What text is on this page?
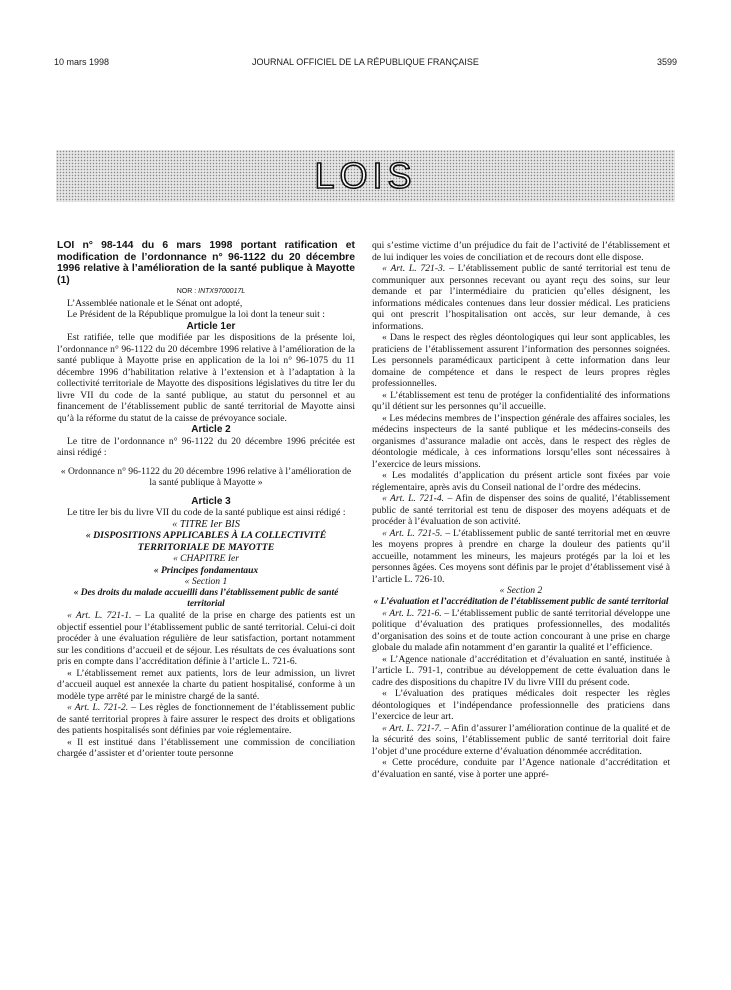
10 mars 1998	JOURNAL OFFICIEL DE LA RÉPUBLIQUE FRANÇAISE	3599
LOIS

LOI n° 98-144 du 6 mars 1998 portant ratification et modification de l’ordonnance n° 96-1122 du 20 décembre 1996 relative à l’amélioration de la santé publique à Mayotte (1)

NOR : INTX9700017L

L’Assemblée nationale et le Sénat ont adopté,

Le Président de la République promulgue la loi dont la teneur suit :

Article 1er

Est ratifiée, telle que modifiée par les dispositions de la présente loi, l’ordonnance n° 96-1122 du 20 décembre 1996 relative à l’amélioration de la santé publique à Mayotte prise en application de la loi n° 96-1075 du 11 décembre 1996 d’habilitation relative à l’extension et à l’adaptation à la collectivité territoriale de Mayotte des dispositions législatives du titre Ier du livre VII du code de la santé publique, au statut du personnel et au financement de l’établissement public de santé territorial de Mayotte ainsi qu’à la réforme du statut de la caisse de prévoyance sociale.

Article 2

Le titre de l’ordonnance n° 96-1122 du 20 décembre 1996 précitée est ainsi rédigé :

« Ordonnance n° 96-1122 du 20 décembre 1996 relative à l’amélioration de la santé publique à Mayotte »

Article 3

Le titre Ier bis du livre VII du code de la santé publique est ainsi rédigé :

« TITRE Ier BIS

« DISPOSITIONS APPLICABLES À LA COLLECTIVITÉ TERRITORIALE DE MAYOTTE

« CHAPITRE Ier

« Principes fondamentaux

« Section 1

« Des droits du malade accueilli dans l’établissement public de santé territorial

« Art. L. 721-1. – La qualité de la prise en charge des patients est un objectif essentiel pour l’établissement public de santé territorial. Celui-ci doit procéder à une évaluation régulière de leur satisfaction, portant notamment sur les conditions d’accueil et de séjour. Les résultats de ces évaluations sont pris en compte dans l’accréditation définie à l’article L. 721-6.

« L’établissement remet aux patients, lors de leur admission, un livret d’accueil auquel est annexée la charte du patient hospitalisé, conforme à un modèle type arrêté par le ministre chargé de la santé.

« Art. L. 721-2. – Les règles de fonctionnement de l’établissement public de santé territorial propres à faire assurer le respect des droits et obligations des patients hospitalisés sont définies par voie réglementaire.

« Il est institué dans l’établissement une commission de conciliation chargée d’assister et d’orienter toute personne

qui s’estime victime d’un préjudice du fait de l’activité de l’établissement et de lui indiquer les voies de conciliation et de recours dont elle dispose.

« Art. L. 721-3. – L’établissement public de santé territorial est tenu de communiquer aux personnes recevant ou ayant reçu des soins, sur leur demande et par l’intermédiaire du praticien qu’elles désignent, les informations médicales contenues dans leur dossier médical. Les praticiens qui ont prescrit l’hospitalisation ont accès, sur leur demande, à ces informations.

« Dans le respect des règles déontologiques qui leur sont applicables, les praticiens de l’établissement assurent l’information des personnes soignées. Les personnels paramédicaux participent à cette information dans leur domaine de compétence et dans le respect de leurs propres règles professionnelles.

« L’établissement est tenu de protéger la confidentialité des informations qu’il détient sur les personnes qu’il accueille.

« Les médecins membres de l’inspection générale des affaires sociales, les médecins inspecteurs de la santé publique et les médecins-conseils des organismes d’assurance maladie ont accès, dans le respect des règles de déontologie médicale, à ces informations lorsqu’elles sont nécessaires à l’exercice de leurs missions.

« Les modalités d’application du présent article sont fixées par voie réglementaire, après avis du Conseil national de l’ordre des médecins.

« Art. L. 721-4. – Afin de dispenser des soins de qualité, l’établissement public de santé territorial est tenu de disposer des moyens adéquats et de procéder à l’évaluation de son activité.

« Art. L. 721-5. – L’établissement public de santé territorial met en œuvre les moyens propres à prendre en charge la douleur des patients qu’il accueille, notamment les mineurs, les majeurs protégés par la loi et les personnes âgées. Ces moyens sont définis par le projet d’établissement visé à l’article L. 726-10.

« Section 2

« L’évaluation et l’accréditation de l’établissement public de santé territorial

« Art. L. 721-6. – L’établissement public de santé territorial développe une politique d’évaluation des pratiques professionnelles, des modalités d’organisation des soins et de toute action concourant à une prise en charge globale du malade afin notamment d’en garantir la qualité et l’efficience.

« L’Agence nationale d’accréditation et d’évaluation en santé, instituée à l’article L. 791-1, contribue au développement de cette évaluation dans le cadre des dispositions du chapitre IV du livre VIII du présent code.

« L’évaluation des pratiques médicales doit respecter les règles déontologiques et l’indépendance professionnelle des praticiens dans l’exercice de leur art.

« Art. L. 721-7. – Afin d’assurer l’amélioration continue de la qualité et de la sécurité des soins, l’établissement public de santé territorial doit faire l’objet d’une procédure externe d’évaluation dénommée accréditation.

« Cette procédure, conduite par l’Agence nationale d’accréditation et d’évaluation en santé, vise à porter une appré-
